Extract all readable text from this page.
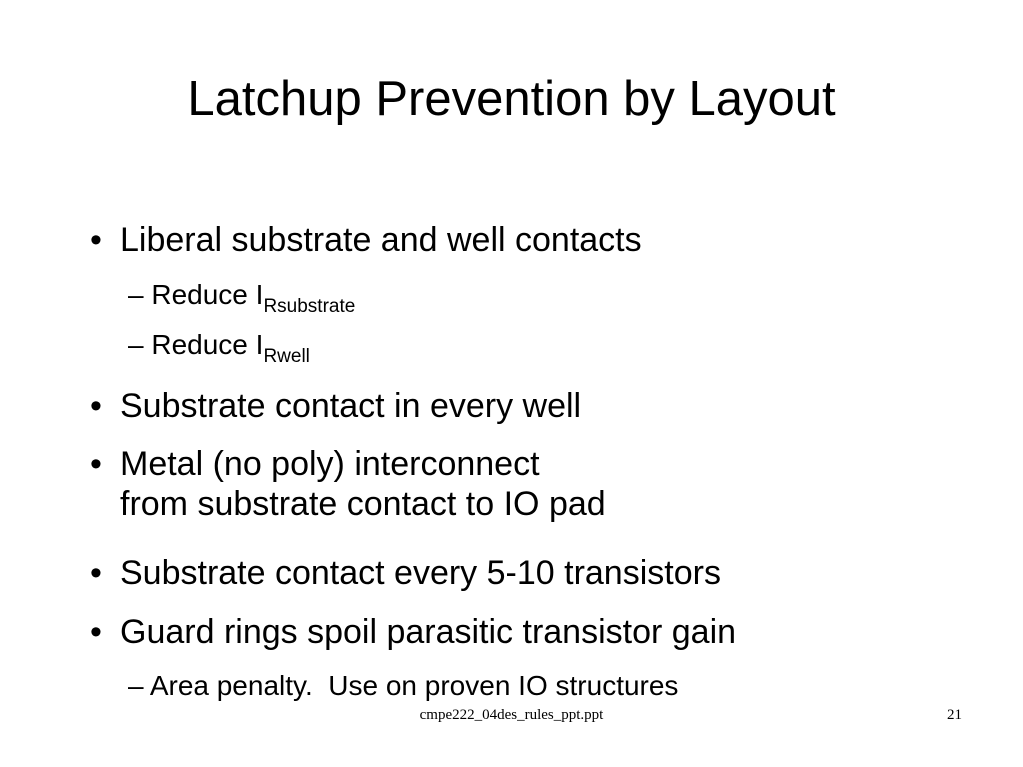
Latchup Prevention by Layout
• Liberal substrate and well contacts
– Reduce $I_{Rsubstrate}$
– Reduce $I_{Rwell}$
• Substrate contact in every well
• Metal (no poly) interconnect
from substrate contact to IO pad
• Substrate contact every 5-10 transistors
• Guard rings spoil parasitic transistor gain
– Area penalty.  Use on proven IO structures
cmpe222_04des_rules_ppt.ppt	21
